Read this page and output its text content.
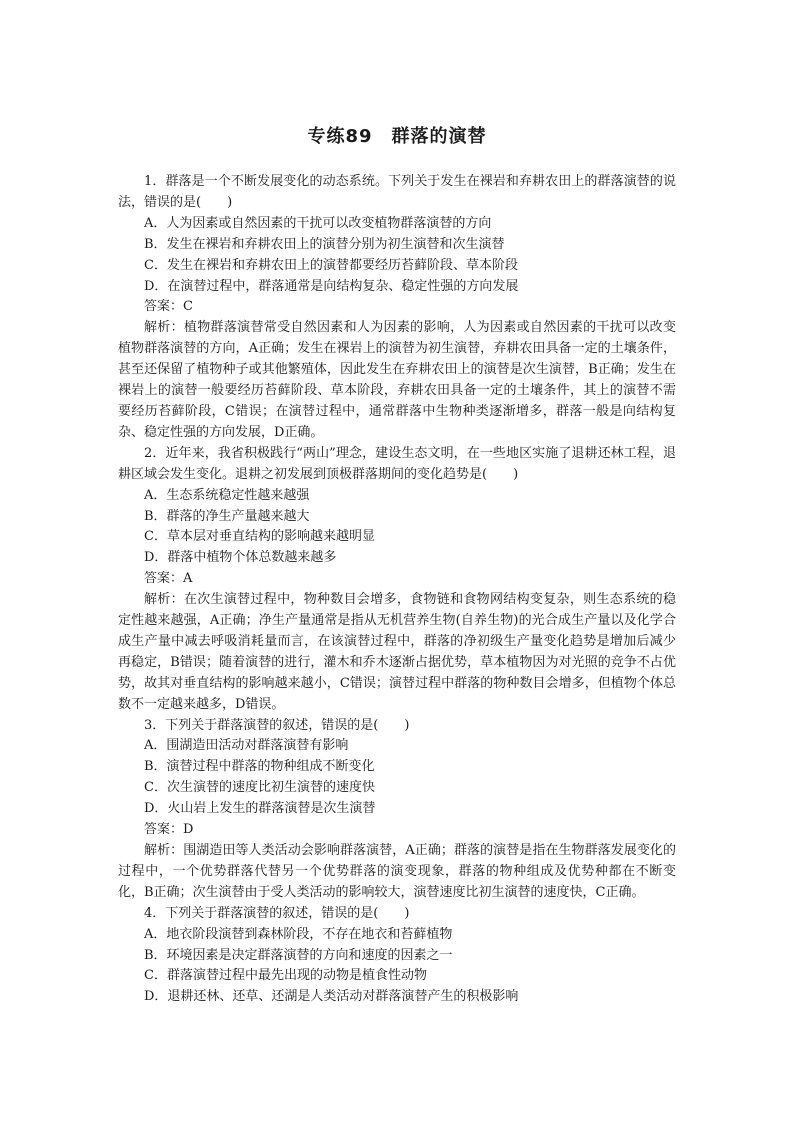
专练89　群落的演替

1．群落是一个不断发展变化的动态系统。下列关于发生在裸岩和弃耕农田上的群落演替的说法，错误的是(　　)

A．人为因素或自然因素的干扰可以改变植物群落演替的方向

B．发生在裸岩和弃耕农田上的演替分别为初生演替和次生演替

C．发生在裸岩和弃耕农田上的演替都要经历苔藓阶段、草本阶段

D．在演替过程中，群落通常是向结构复杂、稳定性强的方向发展

答案：C

解析：植物群落演替常受自然因素和人为因素的影响，人为因素或自然因素的干扰可以改变植物群落演替的方向，A正确；发生在裸岩上的演替为初生演替，弃耕农田具备一定的土壤条件，甚至还保留了植物种子或其他繁殖体，因此发生在弃耕农田上的演替是次生演替，B正确；发生在裸岩上的演替一般要经历苔藓阶段、草本阶段，弃耕农田具备一定的土壤条件，其上的演替不需要经历苔藓阶段，C错误；在演替过程中，通常群落中生物种类逐渐增多，群落一般是向结构复杂、稳定性强的方向发展，D正确。

2．近年来，我省积极践行“两山”理念，建设生态文明，在一些地区实施了退耕还林工程，退耕区域会发生变化。退耕之初发展到顶极群落期间的变化趋势是(　　)

A．生态系统稳定性越来越强

B．群落的净生产量越来越大

C．草本层对垂直结构的影响越来越明显

D．群落中植物个体总数越来越多

答案：A

解析：在次生演替过程中，物种数目会增多，食物链和食物网结构变复杂，则生态系统的稳定性越来越强，A正确；净生产量通常是指从无机营养生物(自养生物)的光合成生产量以及化学合成生产量中减去呼吸消耗量而言，在该演替过程中，群落的净初级生产量变化趋势是增加后减少再稳定，B错误；随着演替的进行，灌木和乔木逐渐占据优势，草本植物因为对光照的竞争不占优势，故其对垂直结构的影响越来越小，C错误；演替过程中群落的物种数目会增多，但植物个体总数不一定越来越多，D错误。

3．下列关于群落演替的叙述，错误的是(　　)

A．围湖造田活动对群落演替有影响

B．演替过程中群落的物种组成不断变化

C．次生演替的速度比初生演替的速度快

D．火山岩上发生的群落演替是次生演替

答案：D

解析：围湖造田等人类活动会影响群落演替，A正确；群落的演替是指在生物群落发展变化的过程中，一个优势群落代替另一个优势群落的演变现象，群落的物种组成及优势种都在不断变化，B正确；次生演替由于受人类活动的影响较大，演替速度比初生演替的速度快，C正确。

4．下列关于群落演替的叙述，错误的是(　　)

A．地衣阶段演替到森林阶段，不存在地衣和苔藓植物

B．环境因素是决定群落演替的方向和速度的因素之一

C．群落演替过程中最先出现的动物是植食性动物

D．退耕还林、还草、还湖是人类活动对群落演替产生的积极影响
